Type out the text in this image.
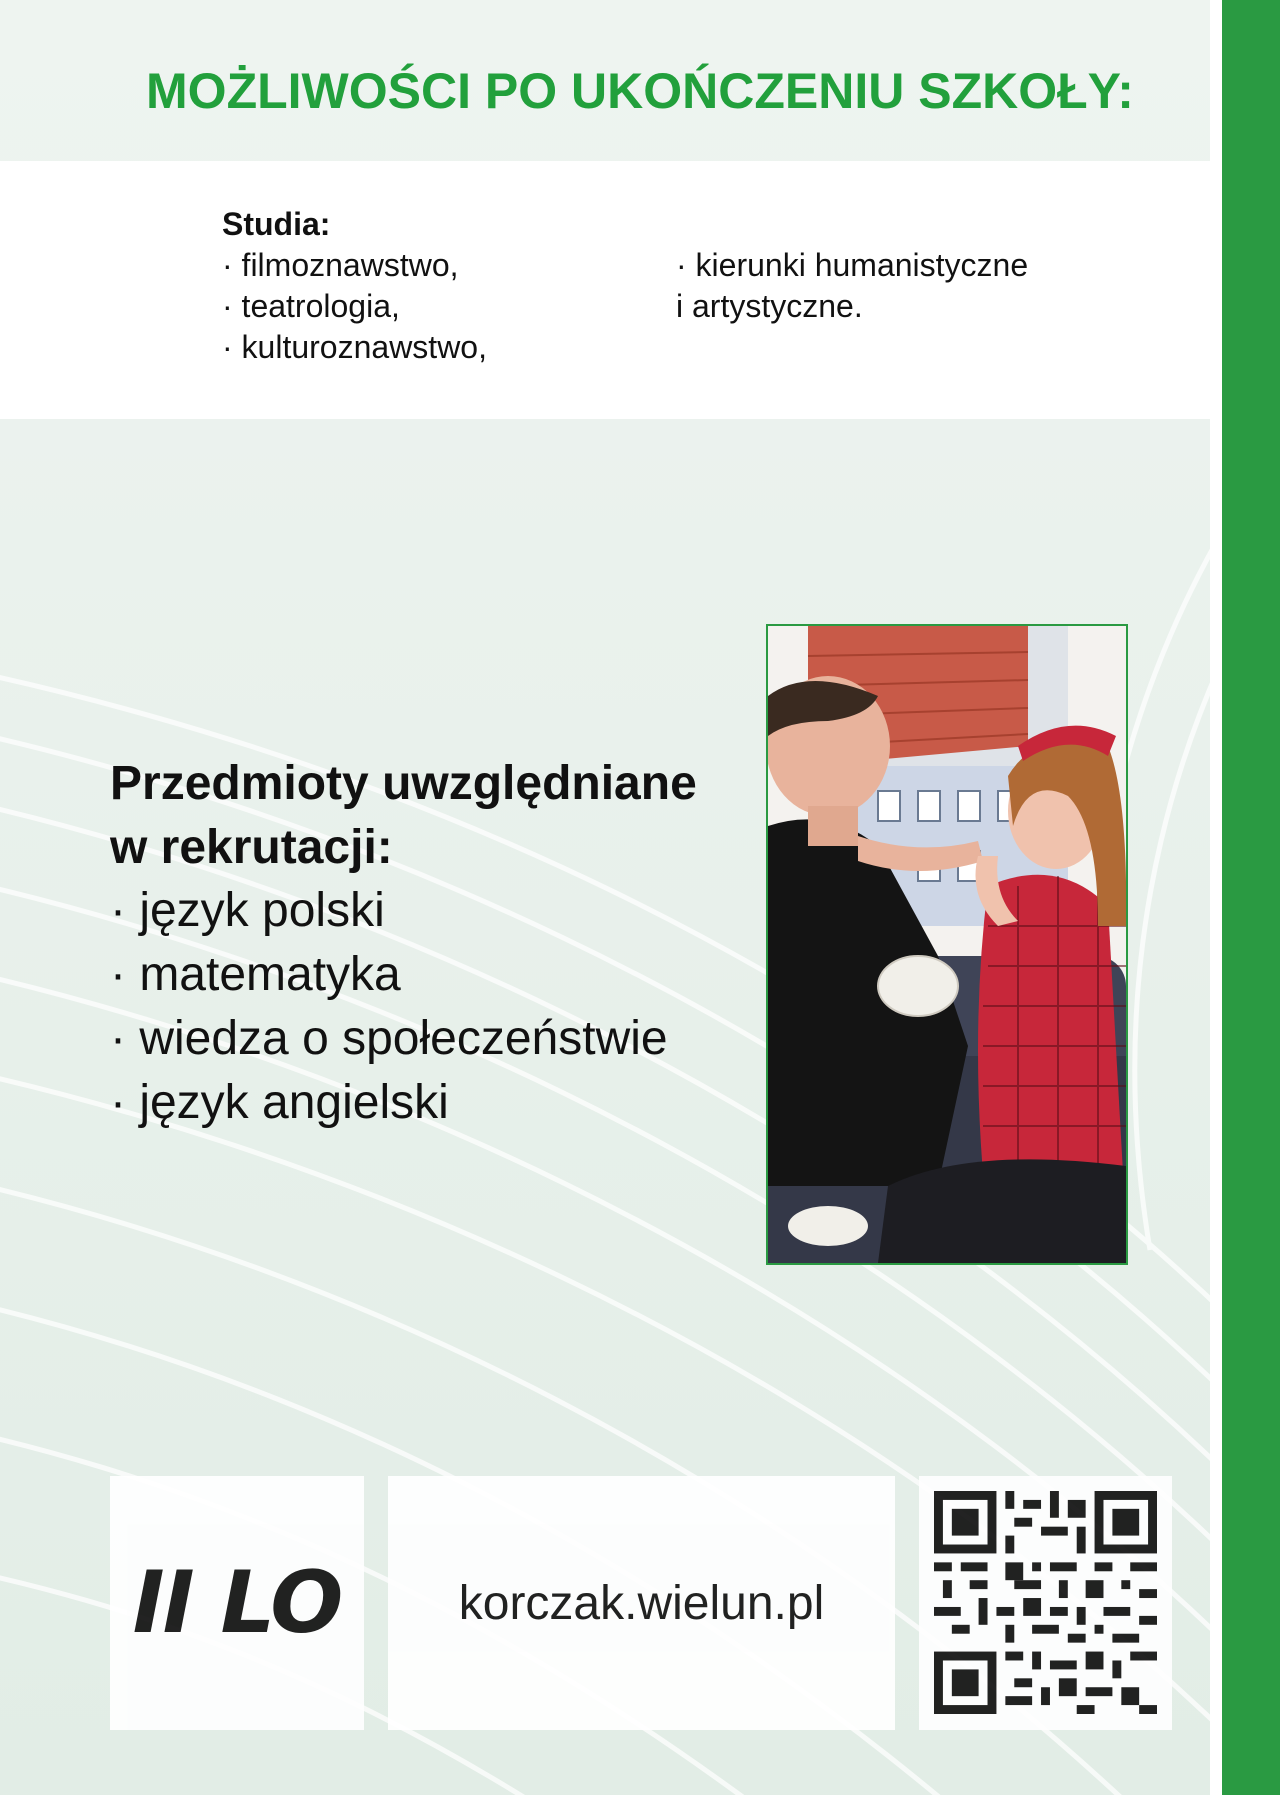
MOŻLIWOŚCI PO UKOŃCZENIU SZKOŁY:
Studia:
· filmoznawstwo,
· teatrologia,
· kulturoznawstwo,
· kierunki humanistyczne
i artystyczne.
Przedmioty uwzględniane
w rekrutacji:
· język polski
· matematyka
· wiedza o społeczeństwie
· język angielski
II LO	korczak.wielun.pl
